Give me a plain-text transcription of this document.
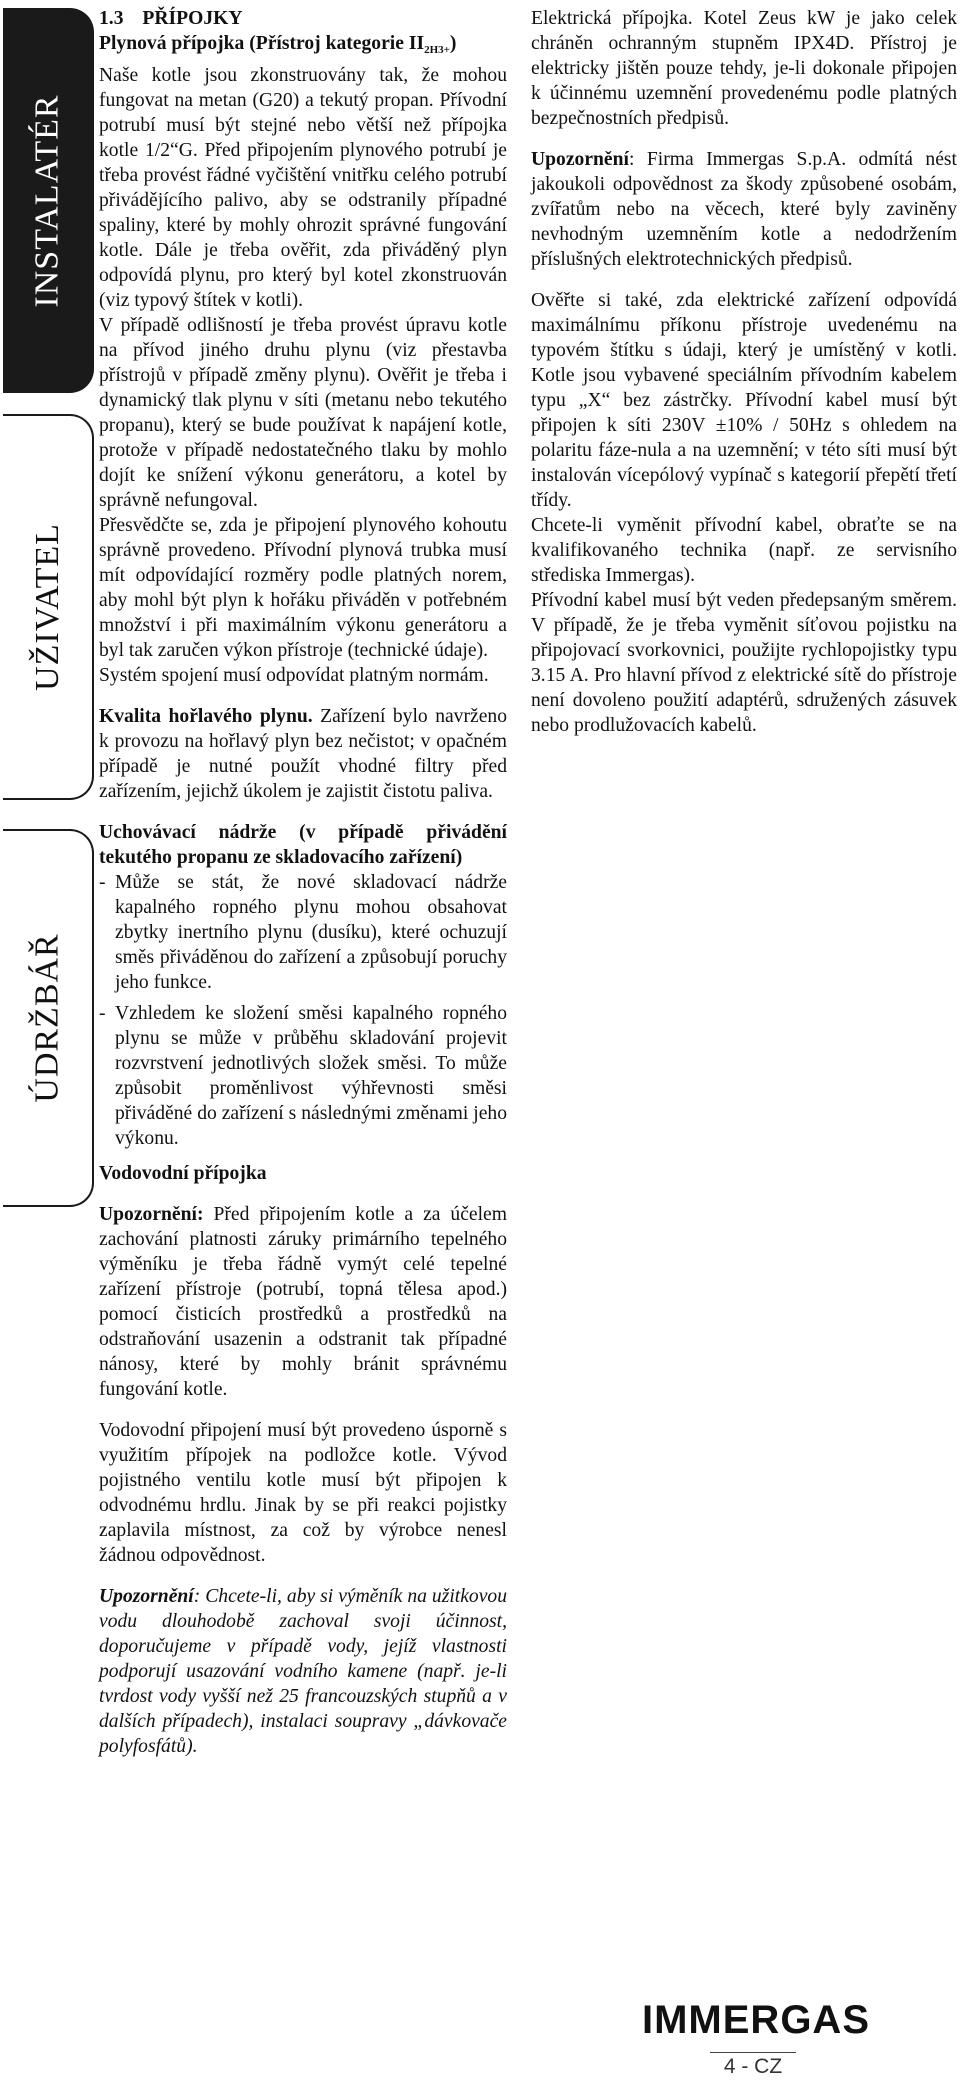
INSTALATÉR
UŽIVATEL
ÚDRŽBÁŘ

1.3 PŘÍPOJKY

Plynová přípojka (Přístroj kategorie $II_{2H3+}$)

Naše kotle jsou zkonstruovány tak, že mohou fungovat na metan (G20) a tekutý propan. Přívodní potrubí musí být stejné nebo větší než přípojka kotle 1/2“G. Před připojením plynového potrubí je třeba provést řádné vyčištění vnitřku celého potrubí přivádějícího palivo, aby se odstranily případné spaliny, které by mohly ohrozit správné fungování kotle. Dále je třeba ověřit, zda přiváděný plyn odpovídá plynu, pro který byl kotel zkonstruován (viz typový štítek v kotli).

V případě odlišností je třeba provést úpravu kotle na přívod jiného druhu plynu (viz přestavba přístrojů v případě změny plynu). Ověřit je třeba i dynamický tlak plynu v síti (metanu nebo tekutého propanu), který se bude používat k napájení kotle, protože v případě nedostatečného tlaku by mohlo dojít ke snížení výkonu generátoru, a kotel by správně nefungoval.

Přesvědčte se, zda je připojení plynového kohoutu správně provedeno. Přívodní plynová trubka musí mít odpovídající rozměry podle platných norem, aby mohl být plyn k hořáku přiváděn v potřebném množství i při maximálním výkonu generátoru a byl tak zaručen výkon přístroje (technické údaje).

Systém spojení musí odpovídat platným normám.

Kvalita hořlavého plynu. Zařízení bylo navrženo k provozu na hořlavý plyn bez nečistot; v opačném případě je nutné použít vhodné filtry před zařízením, jejichž úkolem je zajistit čistotu paliva.

Uchovávací nádrže (v případě přivádění tekutého propanu ze skladovacího zařízení)

- Může se stát, že nové skladovací nádrže kapalného ropného plynu mohou obsahovat zbytky inertního plynu (dusíku), které ochuzují směs přiváděnou do zařízení a způsobují poruchy jeho funkce.
- Vzhledem ke složení směsi kapalného ropného plynu se může v průběhu skladování projevit rozvrstvení jednotlivých složek směsi. To může způsobit proměnlivost výhřevnosti směsi přiváděné do zařízení s následnými změnami jeho výkonu.

Vodovodní přípojka

Upozornění: Před připojením kotle a za účelem zachování platnosti záruky primárního tepelného výměníku je třeba řádně vymýt celé tepelné zařízení přístroje (potrubí, topná tělesa apod.) pomocí čisticích prostředků a prostředků na odstraňování usazenin a odstranit tak případné nánosy, které by mohly bránit správnému fungování kotle.

Vodovodní připojení musí být provedeno úsporně s využitím přípojek na podložce kotle. Vývod pojistného ventilu kotle musí být připojen k odvodnému hrdlu. Jinak by se při reakci pojistky zaplavila místnost, za což by výrobce nenesl žádnou odpovědnost.

Upozornění: Chcete-li, aby si výměník na užitkovou vodu dlouhodobě zachoval svoji účinnost, doporučujeme v případě vody, jejíž vlastnosti podporují usazování vodního kamene (např. je-li tvrdost vody vyšší než 25 francouzských stupňů a v dalších případech), instalaci soupravy „dávkovače polyfosfátů).

Elektrická přípojka. Kotel Zeus kW je jako celek chráněn ochranným stupněm IPX4D. Přístroj je elektricky jištěn pouze tehdy, je-li dokonale připojen k účinnému uzemnění provedenému podle platných bezpečnostních předpisů.

Upozornění: Firma Immergas S.p.A. odmítá nést jakoukoli odpovědnost za škody způsobené osobám, zvířatům nebo na věcech, které byly zaviněny nevhodným uzemněním kotle a nedodržením příslušných elektrotechnických předpisů.

Ověřte si také, zda elektrické zařízení odpovídá maximálnímu příkonu přístroje uvedenému na typovém štítku s údaji, který je umístěný v kotli. Kotle jsou vybavené speciálním přívodním kabelem typu „X“ bez zástrčky. Přívodní kabel musí být připojen k síti 230V ±10% / 50Hz s ohledem na polaritu fáze-nula a na uzemnění; v této síti musí být instalován vícepólový vypínač s kategorií přepětí třetí třídy.

Chcete-li vyměnit přívodní kabel, obraťte se na kvalifikovaného technika (např. ze servisního střediska Immergas).

Přívodní kabel musí být veden předepsaným směrem. V případě, že je třeba vyměnit síťovou pojistku na připojovací svorkovnici, použijte rychlopojistky typu 3.15 A. Pro hlavní přívod z elektrické sítě do přístroje není dovoleno použití adaptérů, sdružených zásuvek nebo prodlužovacích kabelů.

IMMERGAS
4 - CZ
